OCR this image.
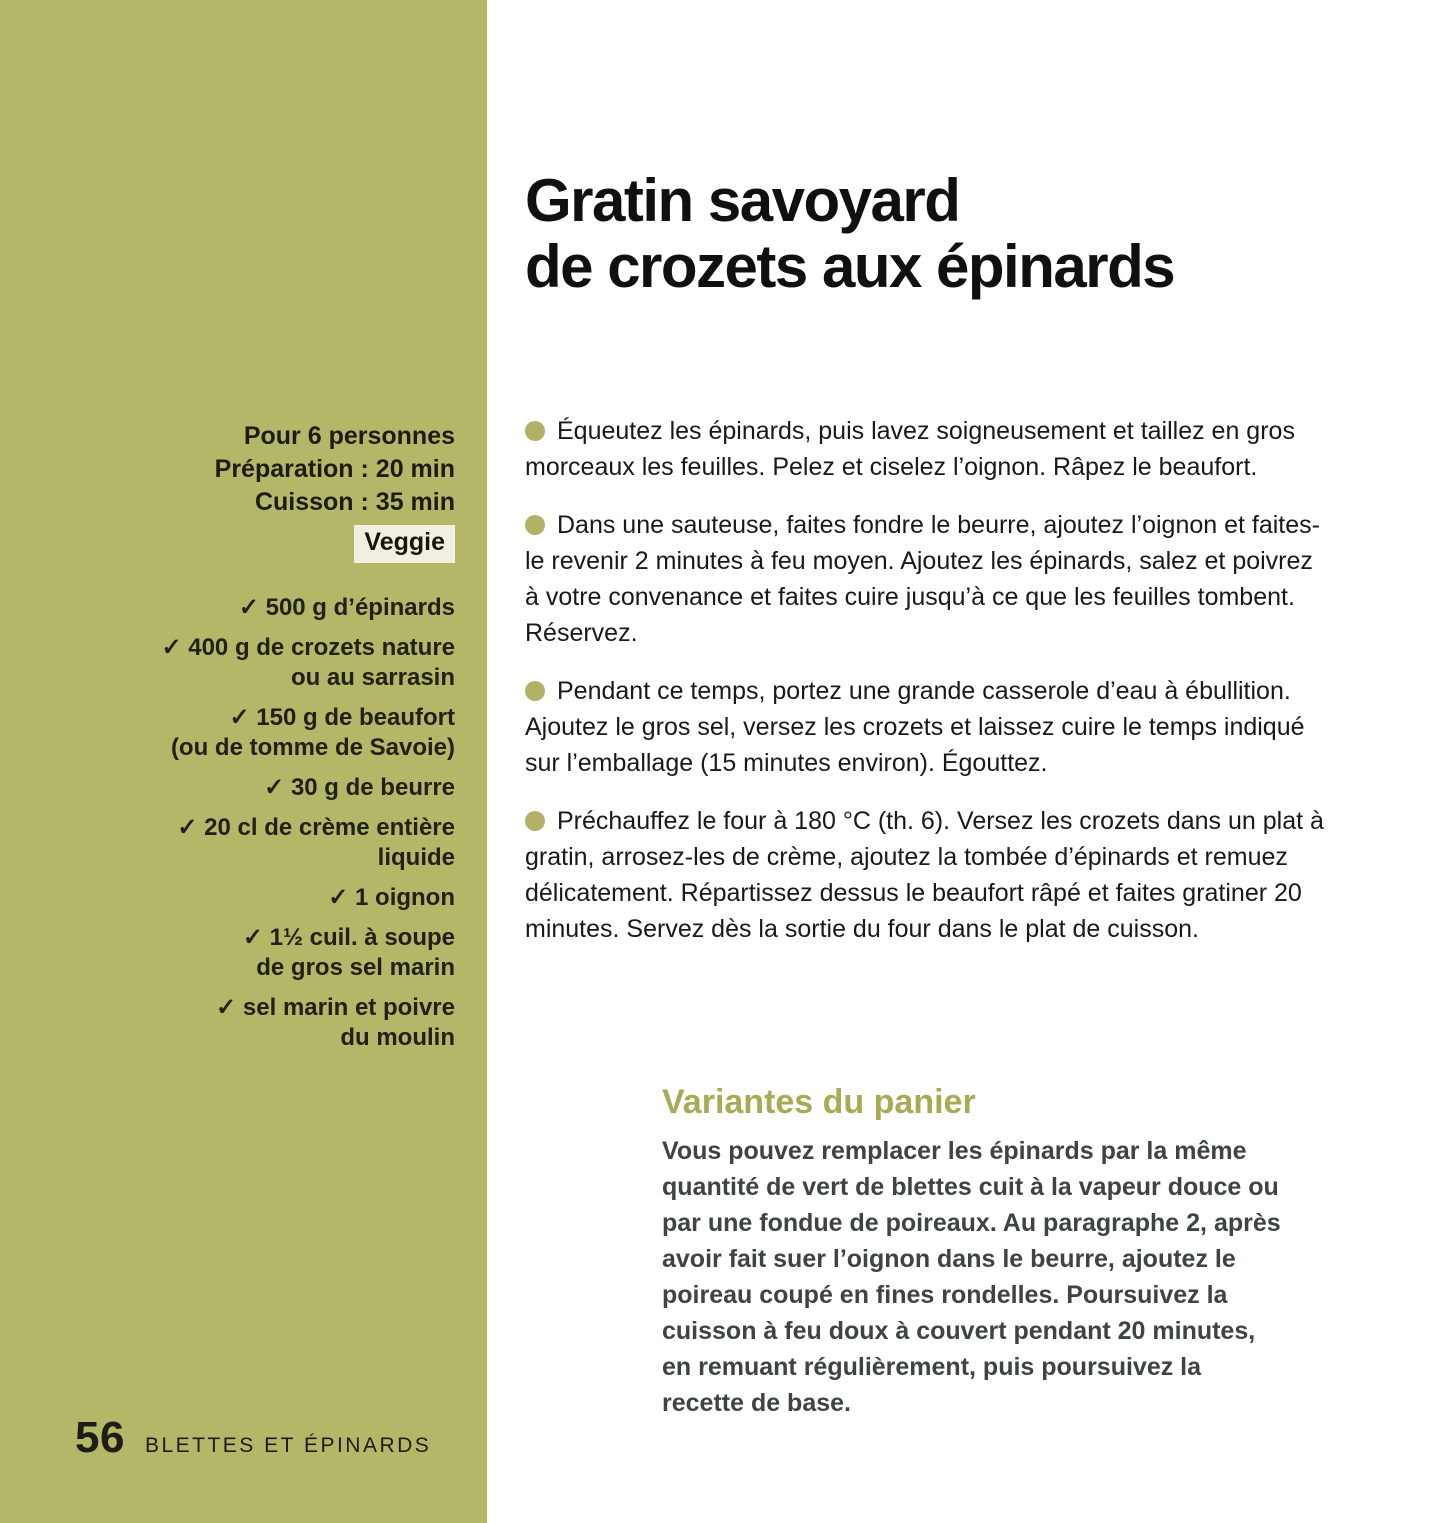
Pour 6 personnes
Préparation : 20 min
Cuisson : 35 min
Veggie
✓ 500 g d’épinards
✓ 400 g de crozets nature
ou au sarrasin
✓ 150 g de beaufort
(ou de tomme de Savoie)
✓ 30 g de beurre
✓ 20 cl de crème entière
liquide
✓ 1 oignon
✓ 1½ cuil. à soupe
de gros sel marin
✓ sel marin et poivre
du moulin
56 BLETTES ET ÉPINARDS
Gratin savoyard
de crozets aux épinards

Équeutez les épinards, puis lavez soigneusement et taillez en gros morceaux les feuilles. Pelez et ciselez l’oignon. Râpez le beaufort.

Dans une sauteuse, faites fondre le beurre, ajoutez l’oignon et faites-le revenir 2 minutes à feu moyen. Ajoutez les épinards, salez et poivrez à votre convenance et faites cuire jusqu’à ce que les feuilles tombent. Réservez.

Pendant ce temps, portez une grande casserole d’eau à ébullition. Ajoutez le gros sel, versez les crozets et laissez cuire le temps indiqué sur l’emballage (15 minutes environ). Égouttez.

Préchauffez le four à 180 °C (th. 6). Versez les crozets dans un plat à gratin, arrosez-les de crème, ajoutez la tombée d’épinards et remuez délicatement. Répartissez dessus le beaufort râpé et faites gratiner 20 minutes. Servez dès la sortie du four dans le plat de cuisson.

Variantes du panier
Vous pouvez remplacer les épinards par la même quantité de vert de blettes cuit à la vapeur douce ou par une fondue de poireaux. Au paragraphe 2, après avoir fait suer l’oignon dans le beurre, ajoutez le poireau coupé en fines rondelles. Poursuivez la cuisson à feu doux à couvert pendant 20 minutes, en remuant régulièrement, puis poursuivez la recette de base.
